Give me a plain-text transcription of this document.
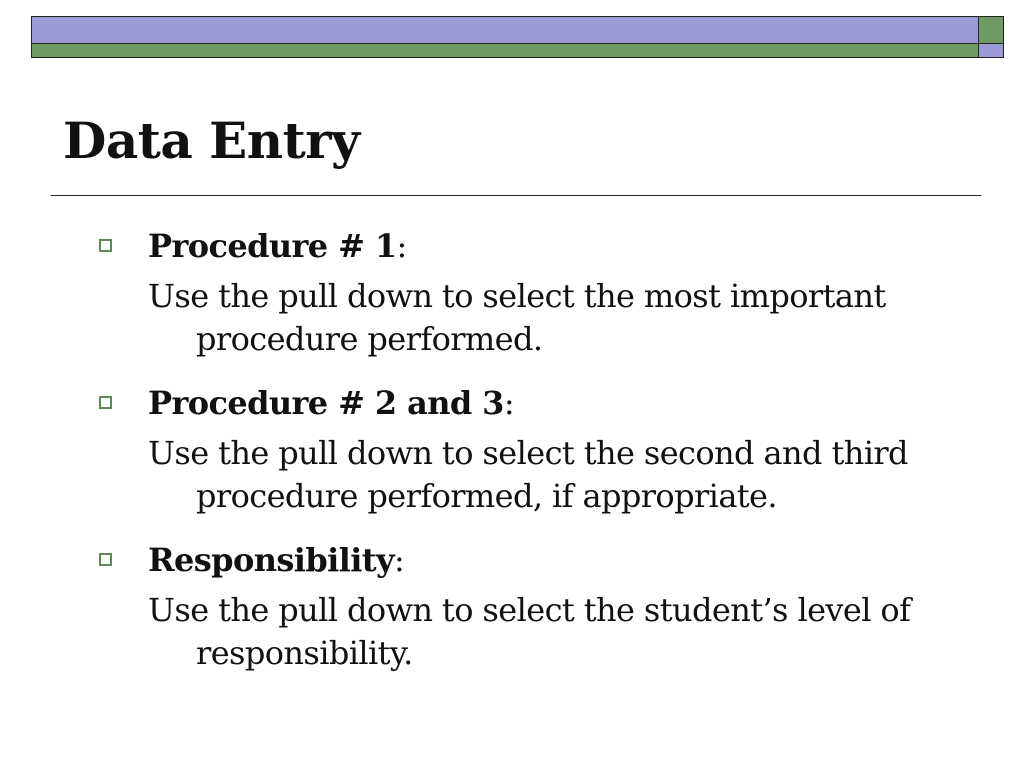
Data Entry

Procedure # 1:

Use the pull down to select the most important procedure performed.

Procedure # 2 and 3:

Use the pull down to select the second and third procedure performed, if appropriate.

Responsibility:

Use the pull down to select the student’s level of responsibility.
